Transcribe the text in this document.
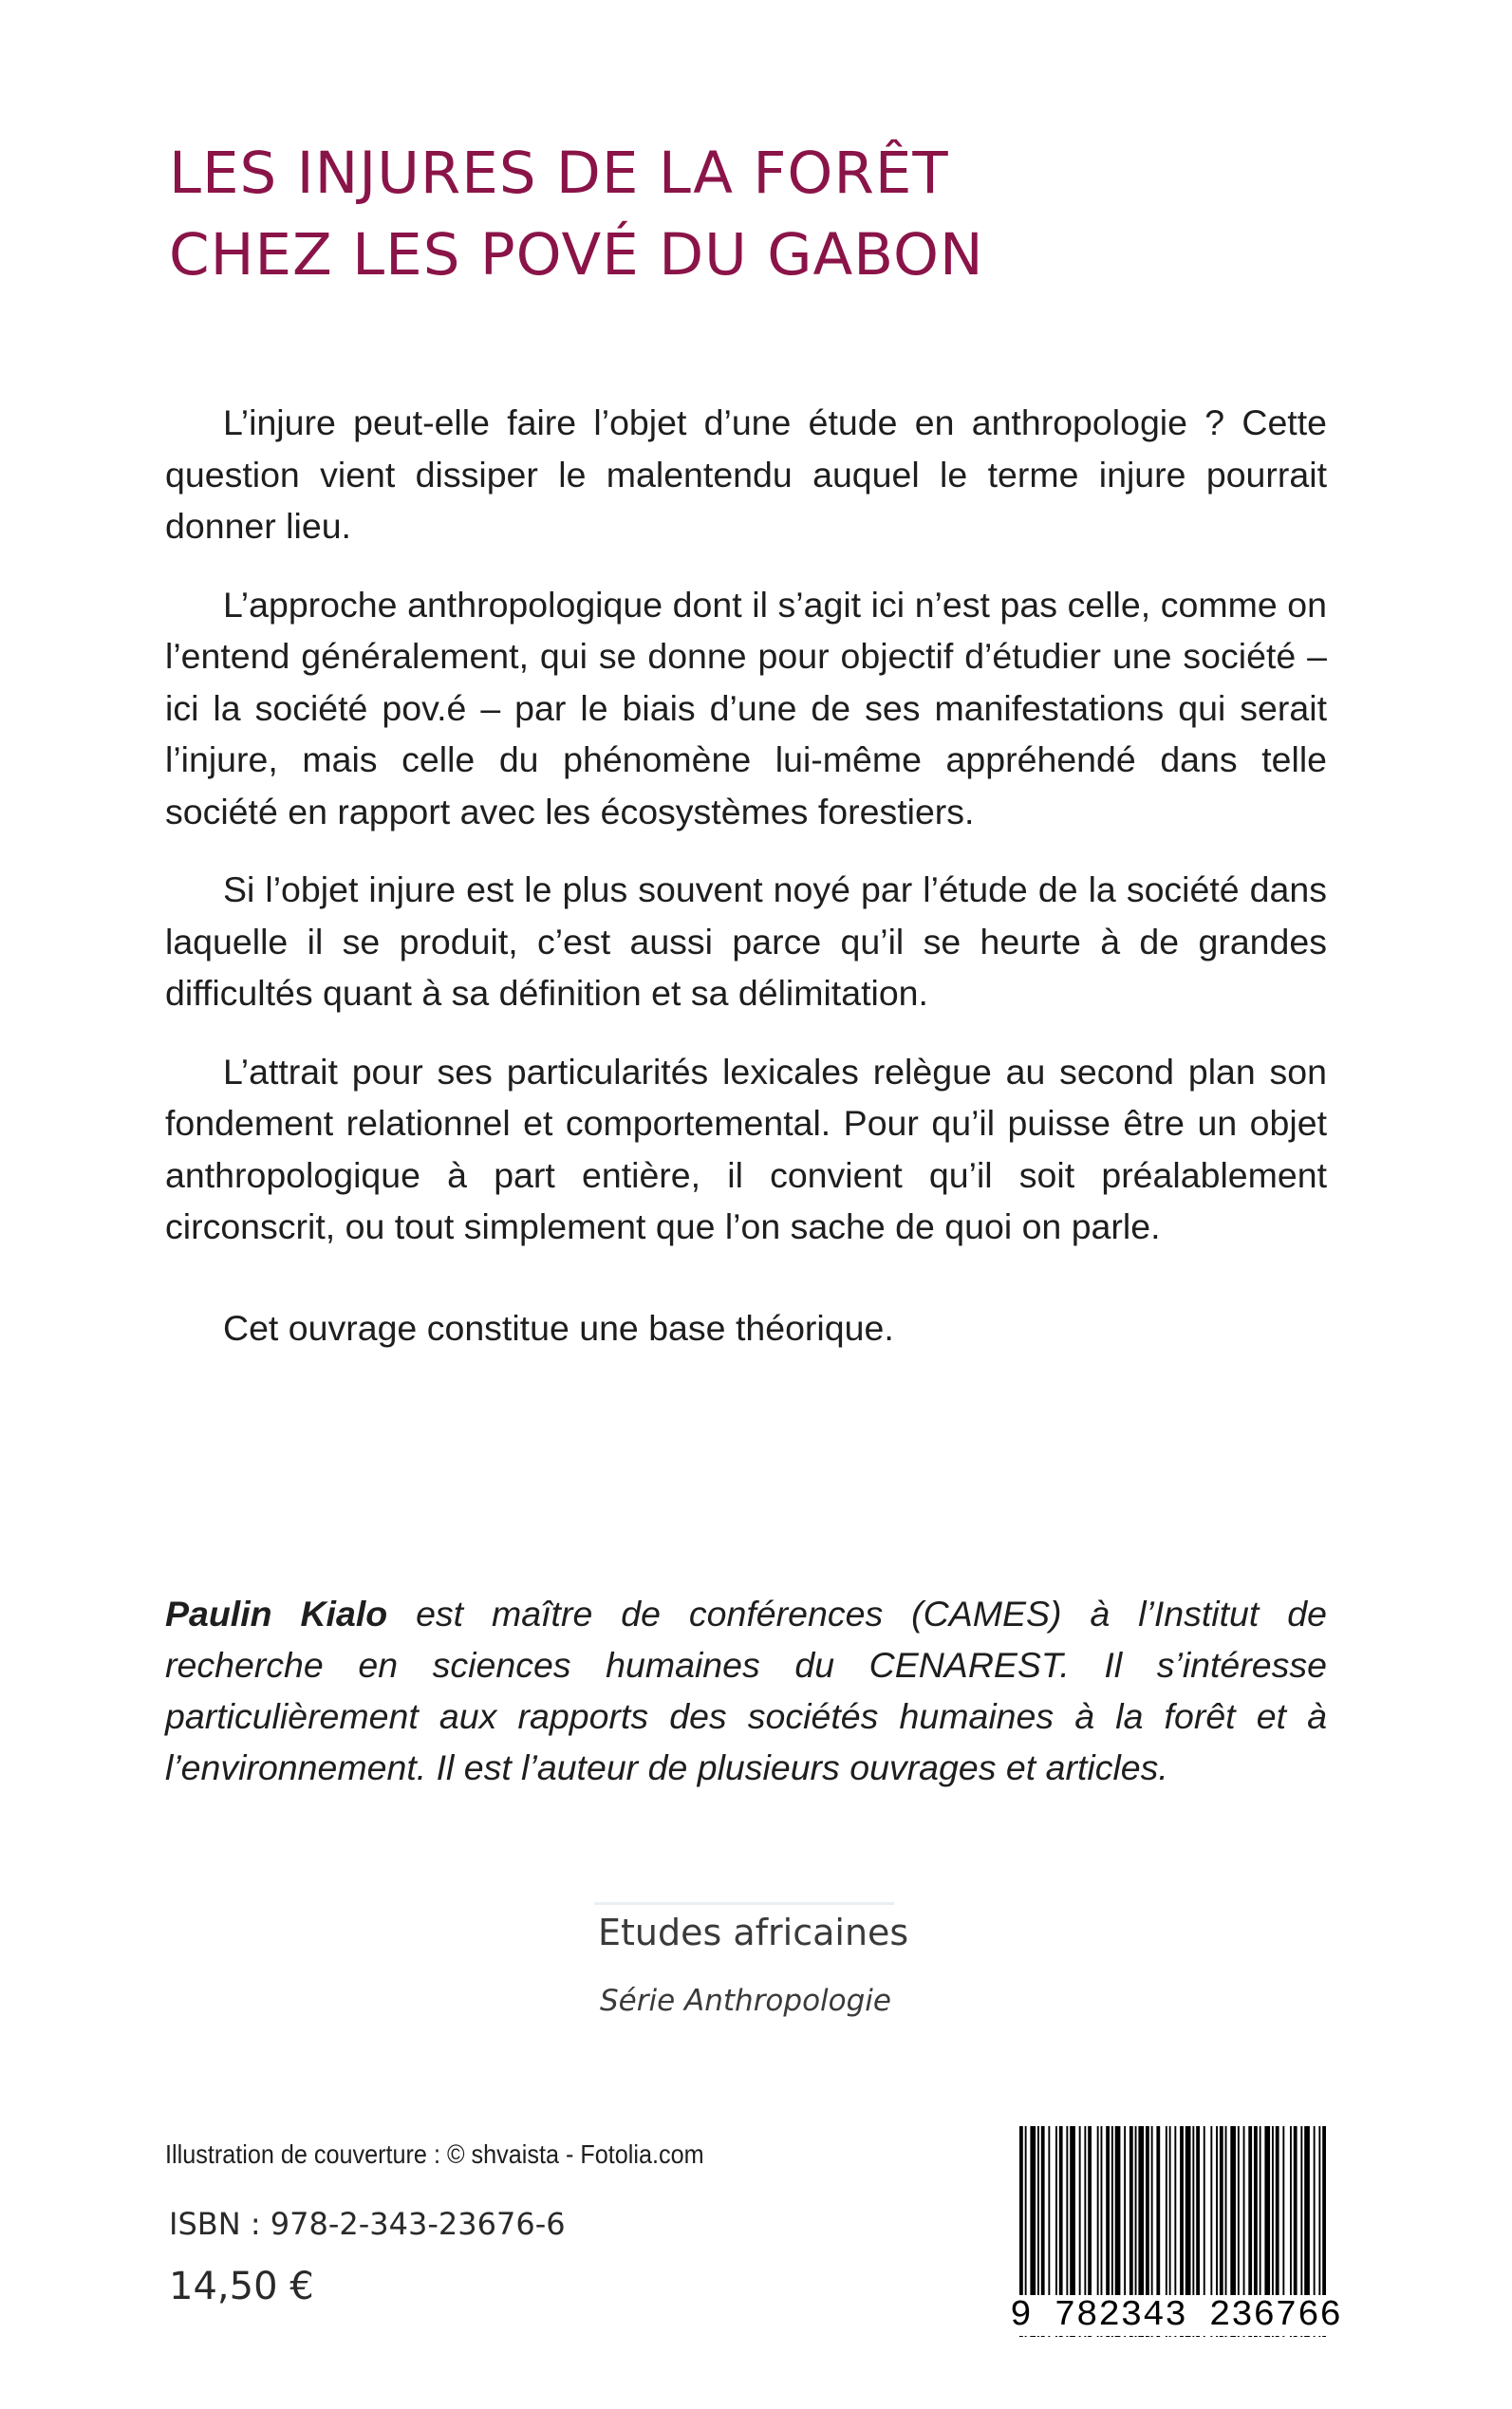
LES INJURES DE LA FORÊT
CHEZ LES POVÉ DU GABON

L’injure peut-elle faire l’objet d’une étude en anthropologie ? Cette question vient dissiper le malentendu auquel le terme injure pourrait donner lieu.

L’approche anthropologique dont il s’agit ici n’est pas celle, comme on l’entend généralement, qui se donne pour objectif d’étudier une société – ici la société pov.é – par le biais d’une de ses manifestations qui serait l’injure, mais celle du phénomène lui-même appréhendé dans telle société en rapport avec les écosystèmes forestiers.

Si l’objet injure est le plus souvent noyé par l’étude de la société dans laquelle il se produit, c’est aussi parce qu’il se heurte à de grandes difficultés quant à sa définition et sa délimitation.

L’attrait pour ses particularités lexicales relègue au second plan son fondement relationnel et comportemental. Pour qu’il puisse être un objet anthropologique à part entière, il convient qu’il soit préalablement circonscrit, ou tout simplement que l’on sache de quoi on parle.

Cet ouvrage constitue une base théorique.

Paulin Kialo est maître de conférences (CAMES) à l’Institut de recherche en sciences humaines du CENAREST. Il s’intéresse particulièrement aux rapports des sociétés humaines à la forêt et à l’environnement. Il est l’auteur de plusieurs ouvrages et articles.
Etudes africaines
Série Anthropologie
Illustration de couverture : © shvaista - Fotolia.com
ISBN : 978-2-343-23676-6
14,50 €
9 782343 236766
